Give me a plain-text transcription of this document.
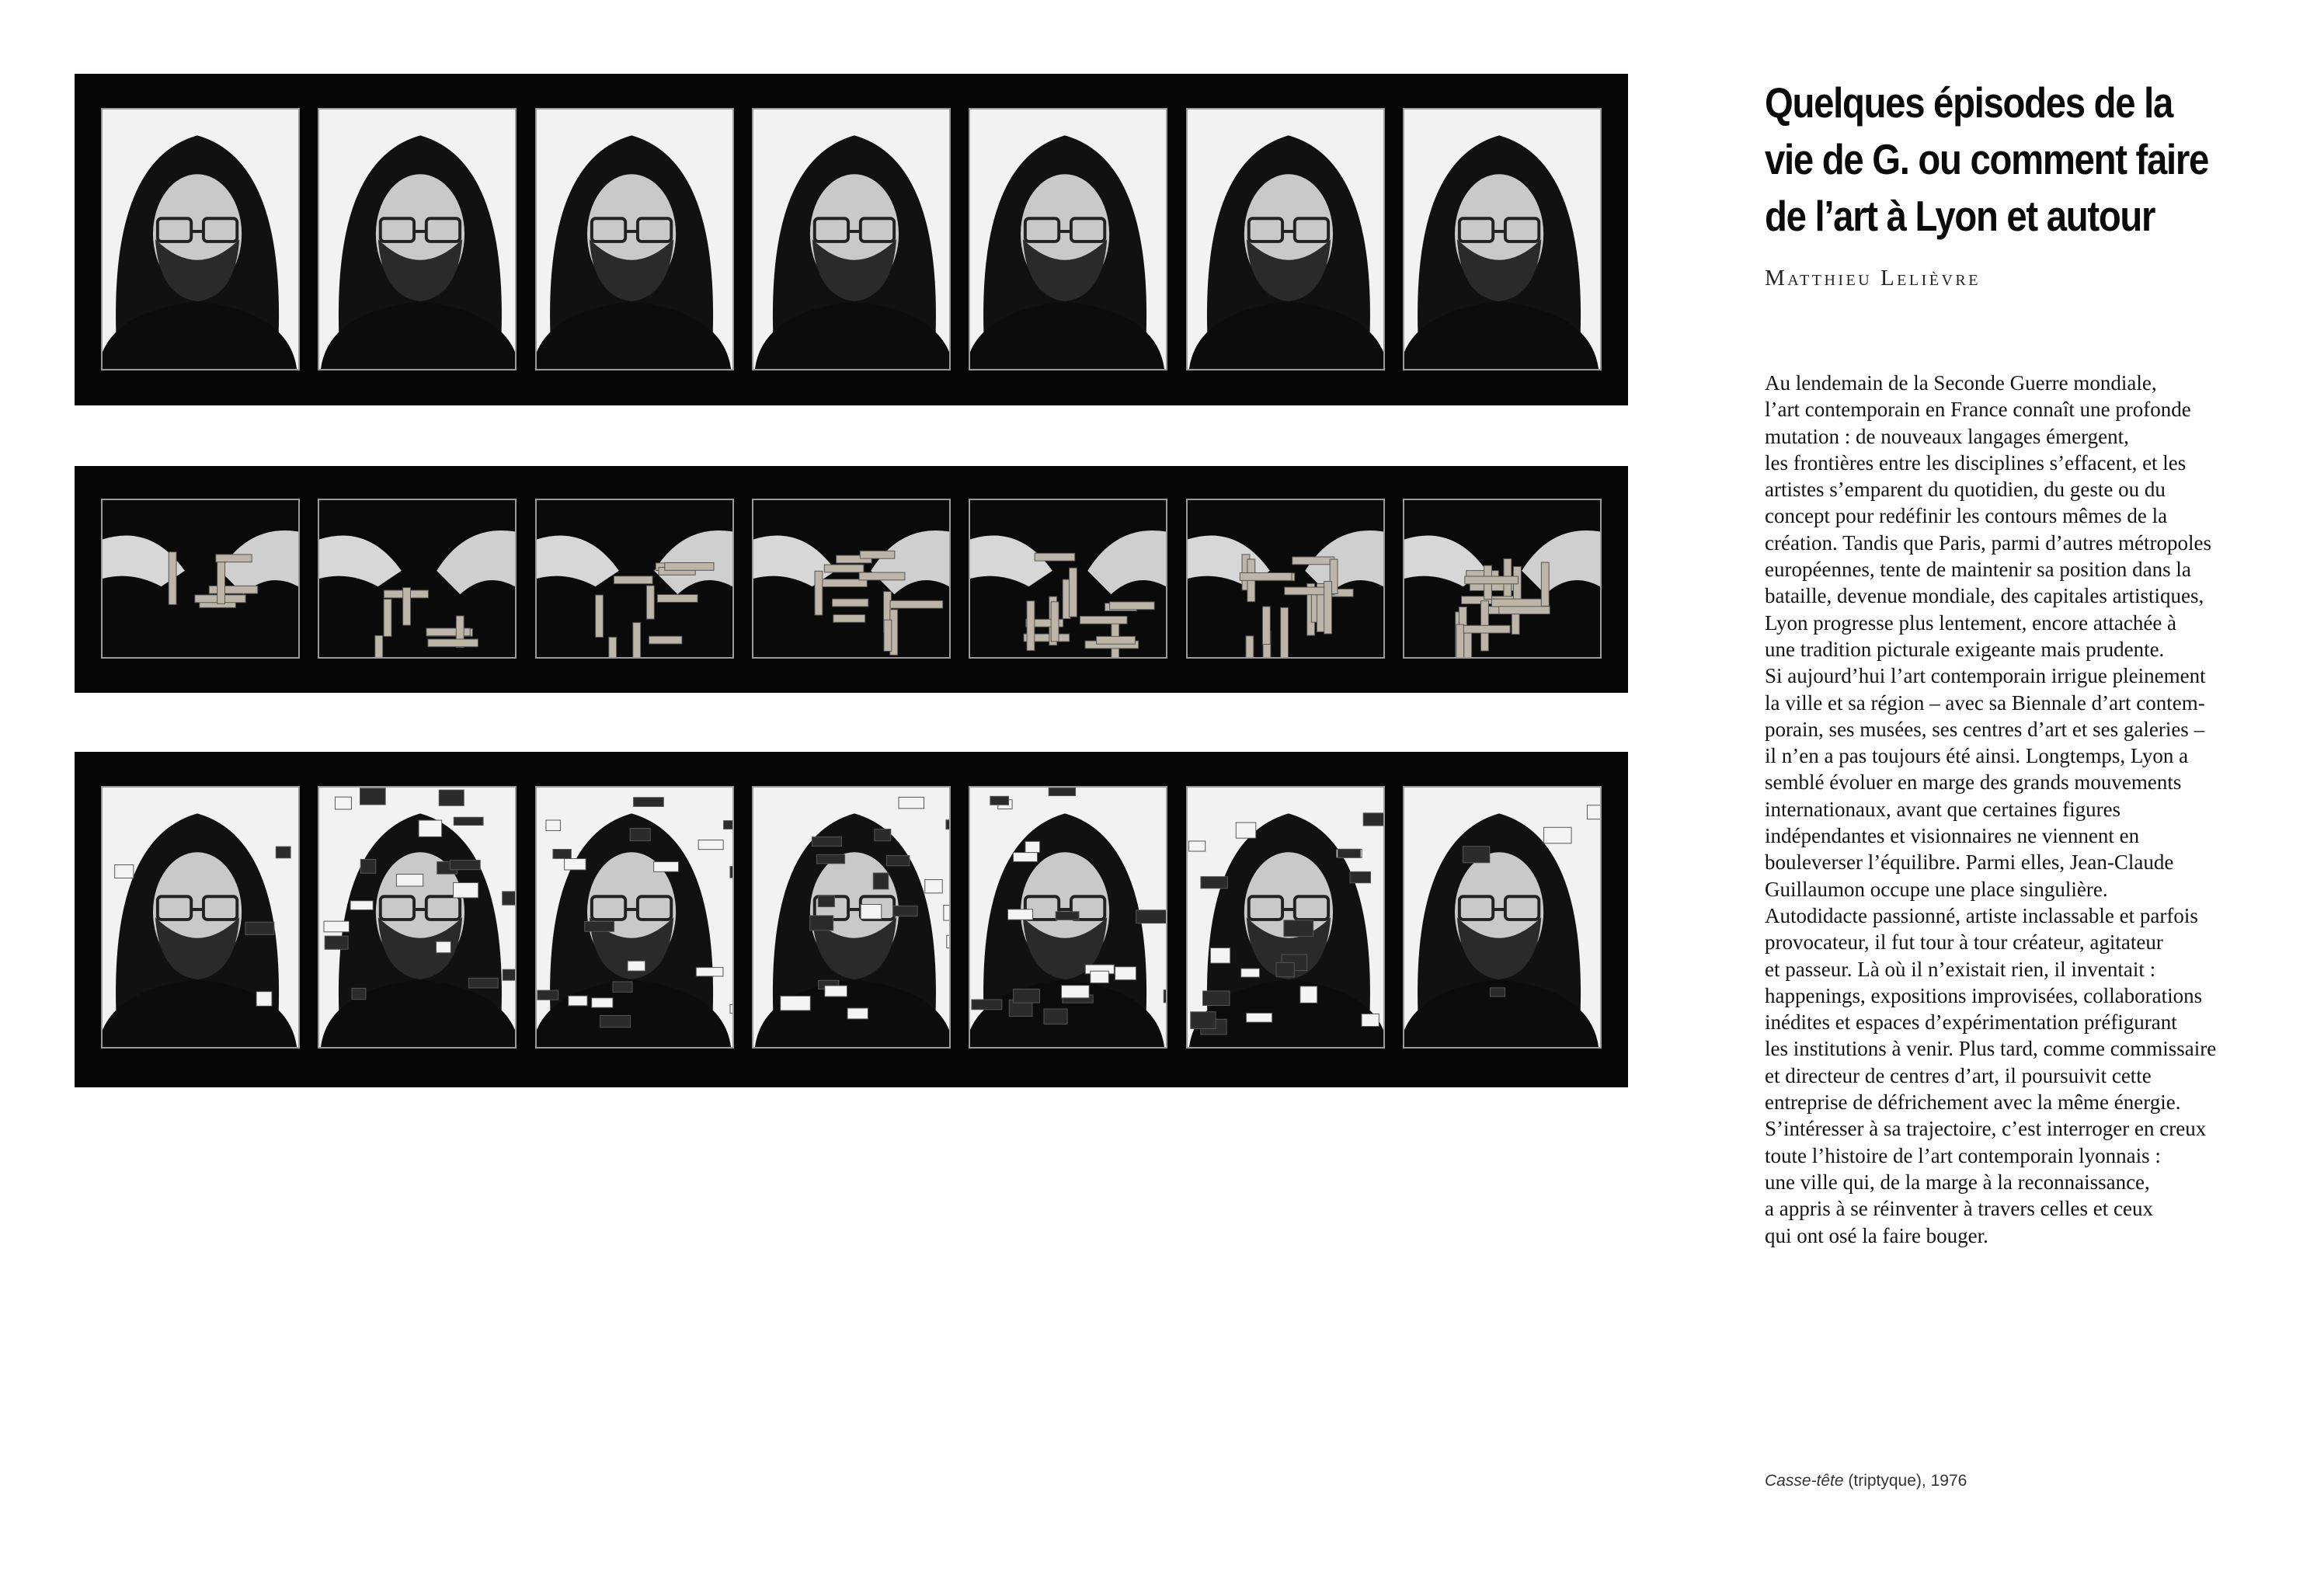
Quelques épisodes de la
vie de G. ou comment faire
de l’art à Lyon et autour
Matthieu Lelièvre
Au lendemain de la Seconde Guerre mondiale,
l’art contemporain en France connaît une profonde
mutation : de nouveaux langages émergent,
les frontières entre les disciplines s’effacent, et les
artistes s’emparent du quotidien, du geste ou du
concept pour redéfinir les contours mêmes de la
création. Tandis que Paris, parmi d’autres métropoles
européennes, tente de maintenir sa position dans la
bataille, devenue mondiale, des capitales artistiques,
Lyon progresse plus lentement, encore attachée à
une tradition picturale exigeante mais prudente.
Si aujourd’hui l’art contemporain irrigue pleinement
la ville et sa région – avec sa Biennale d’art contem-
porain, ses musées, ses centres d’art et ses galeries –
il n’en a pas toujours été ainsi. Longtemps, Lyon a
semblé évoluer en marge des grands mouvements
internationaux, avant que certaines figures
indépendantes et visionnaires ne viennent en
bouleverser l’équilibre. Parmi elles, Jean-Claude
Guillaumon occupe une place singulière.
Autodidacte passionné, artiste inclassable et parfois
provocateur, il fut tour à tour créateur, agitateur
et passeur. Là où il n’existait rien, il inventait :
happenings, expositions improvisées, collaborations
inédites et espaces d’expérimentation préfigurant
les institutions à venir. Plus tard, comme commissaire
et directeur de centres d’art, il poursuivit cette
entreprise de défrichement avec la même énergie.
S’intéresser à sa trajectoire, c’est interroger en creux
toute l’histoire de l’art contemporain lyonnais :
une ville qui, de la marge à la reconnaissance,
a appris à se réinventer à travers celles et ceux
qui ont osé la faire bouger.
Casse-tête (triptyque), 1976
